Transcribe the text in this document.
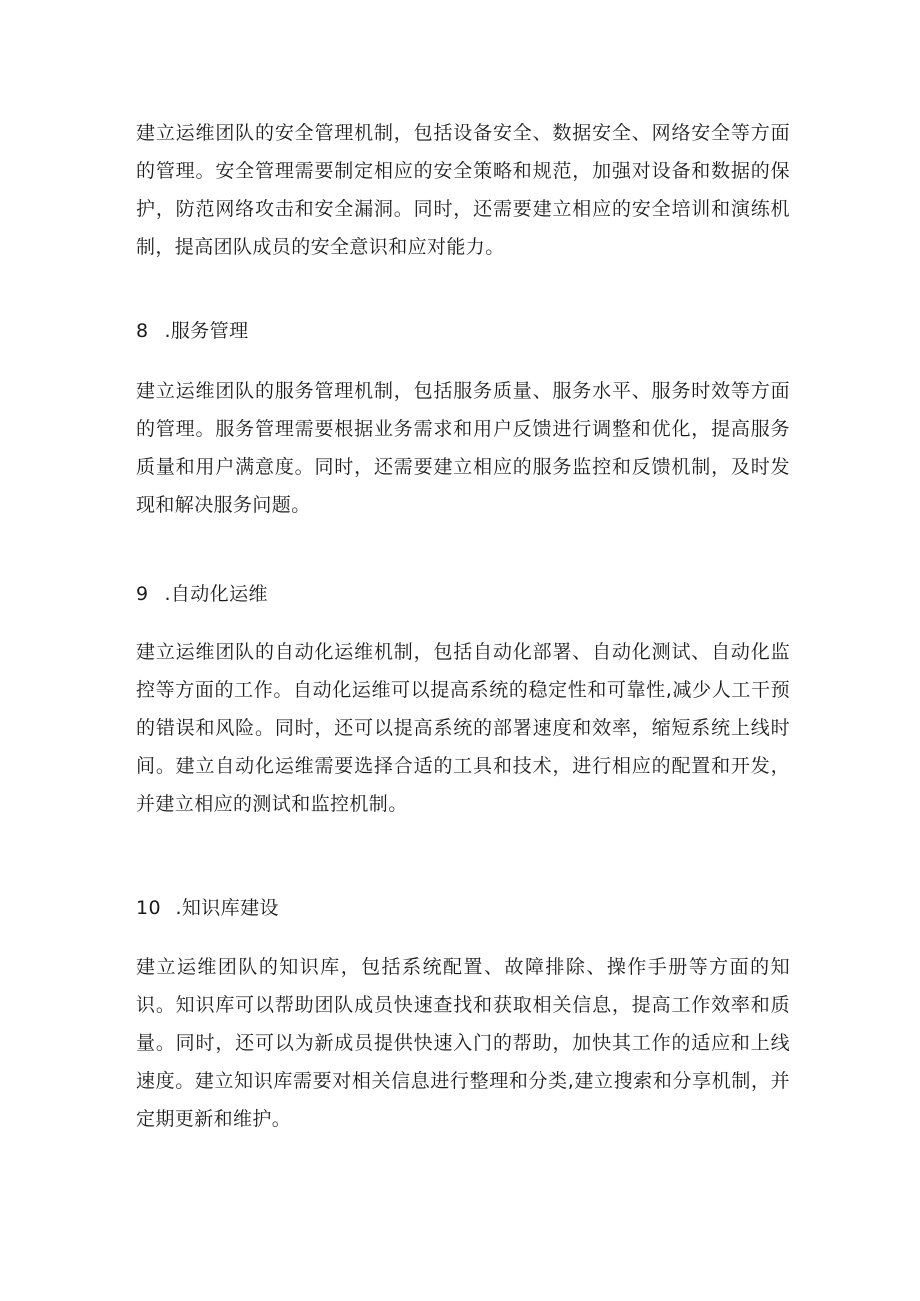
建立运维团队的安全管理机制，包括设备安全、数据安全、网络安全等方面的管理。安全管理需要制定相应的安全策略和规范，加强对设备和数据的保护，防范网络攻击和安全漏洞。同时，还需要建立相应的安全培训和演练机制，提高团队成员的安全意识和应对能力。

8 .服务管理

建立运维团队的服务管理机制，包括服务质量、服务水平、服务时效等方面的管理。服务管理需要根据业务需求和用户反馈进行调整和优化，提高服务质量和用户满意度。同时，还需要建立相应的服务监控和反馈机制，及时发现和解决服务问题。

9 .自动化运维

建立运维团队的自动化运维机制，包括自动化部署、自动化测试、自动化监控等方面的工作。自动化运维可以提高系统的稳定性和可靠性,减少人工干预的错误和风险。同时，还可以提高系统的部署速度和效率，缩短系统上线时间。建立自动化运维需要选择合适的工具和技术，进行相应的配置和开发，并建立相应的测试和监控机制。

10 .知识库建设

建立运维团队的知识库，包括系统配置、故障排除、操作手册等方面的知识。知识库可以帮助团队成员快速查找和获取相关信息，提高工作效率和质量。同时，还可以为新成员提供快速入门的帮助，加快其工作的适应和上线速度。建立知识库需要对相关信息进行整理和分类,建立搜索和分享机制，并定期更新和维护。
